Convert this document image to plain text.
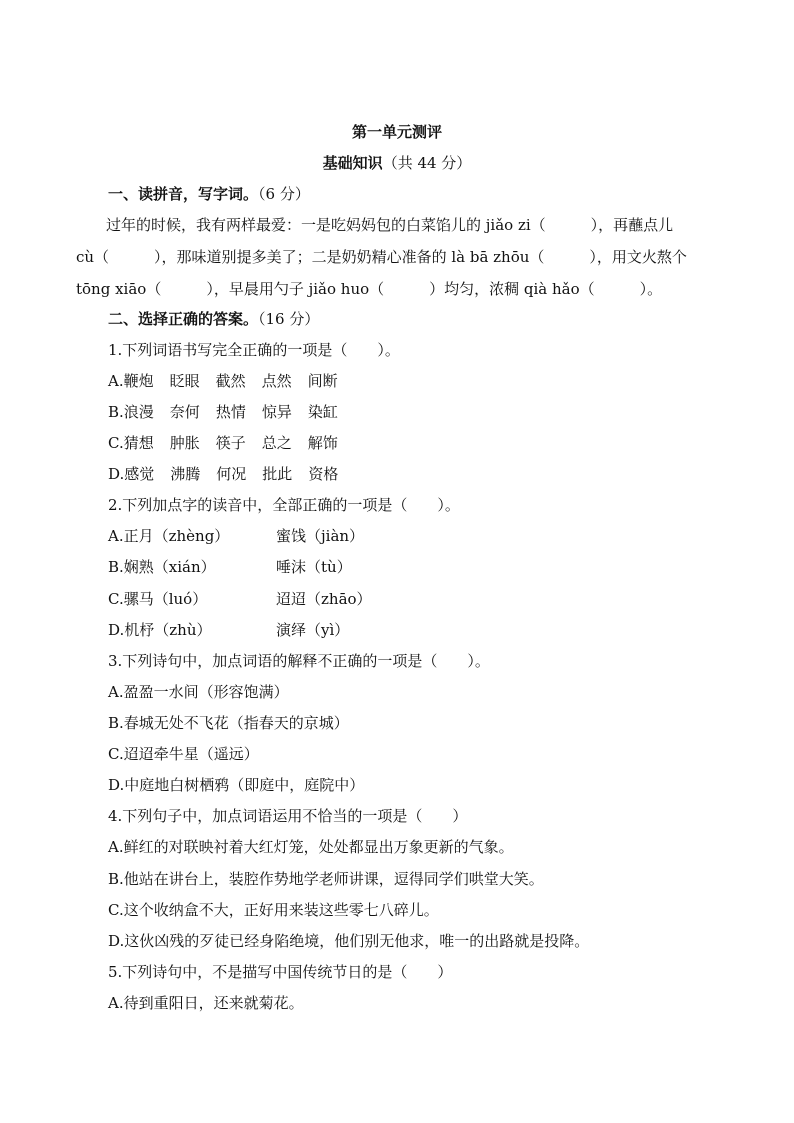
第一单元测评
基础知识（共 44 分）
一、读拼音，写字词。（6 分）
　　过年的时候，我有两样最爱：一是吃妈妈包的白菜馅儿的 jiǎo zi（　　　），再蘸点儿
cù（　　　），那味道别提多美了；二是奶奶精心准备的 là bā zhōu（　　　），用文火熬个
tōng xiāo（　　　），早晨用勺子 jiǎo huo（　　　）均匀，浓稠 qià hǎo（　　　）。
二、选择正确的答案。（16 分）
1.下列词语书写完全正确的一项是（　　）。
A.鞭炮 眨眼 截然 点然 间断
B.浪漫 奈何 热情 惊异 染缸
C.猜想 肿胀 筷子 总之 解饰
D.感觉 沸腾 何况 批此 资格
2.下列加点字的读音中，全部正确的一项是（　　）。
A.正月（zhèng）	蜜饯（jiàn）
B.娴熟（xián）	唾沫（tù）
C.骡马（luó）	迢迢（zhāo）
D.机杼（zhù）	演绎（yì）
3.下列诗句中，加点词语的解释不正确的一项是（　　）。
A.盈盈一水间（形容饱满）
B.春城无处不飞花（指春天的京城）
C.迢迢牵牛星（遥远）
D.中庭地白树栖鸦（即庭中，庭院中）
4.下列句子中，加点词语运用不恰当的一项是（　　）
A.鲜红的对联映衬着大红灯笼，处处都显出万象更新的气象。
B.他站在讲台上，装腔作势地学老师讲课，逗得同学们哄堂大笑。
C.这个收纳盒不大，正好用来装这些零七八碎儿。
D.这伙凶残的歹徒已经身陷绝境，他们别无他求，唯一的出路就是投降。
5.下列诗句中，不是描写中国传统节日的是（　　）
A.待到重阳日，还来就菊花。
